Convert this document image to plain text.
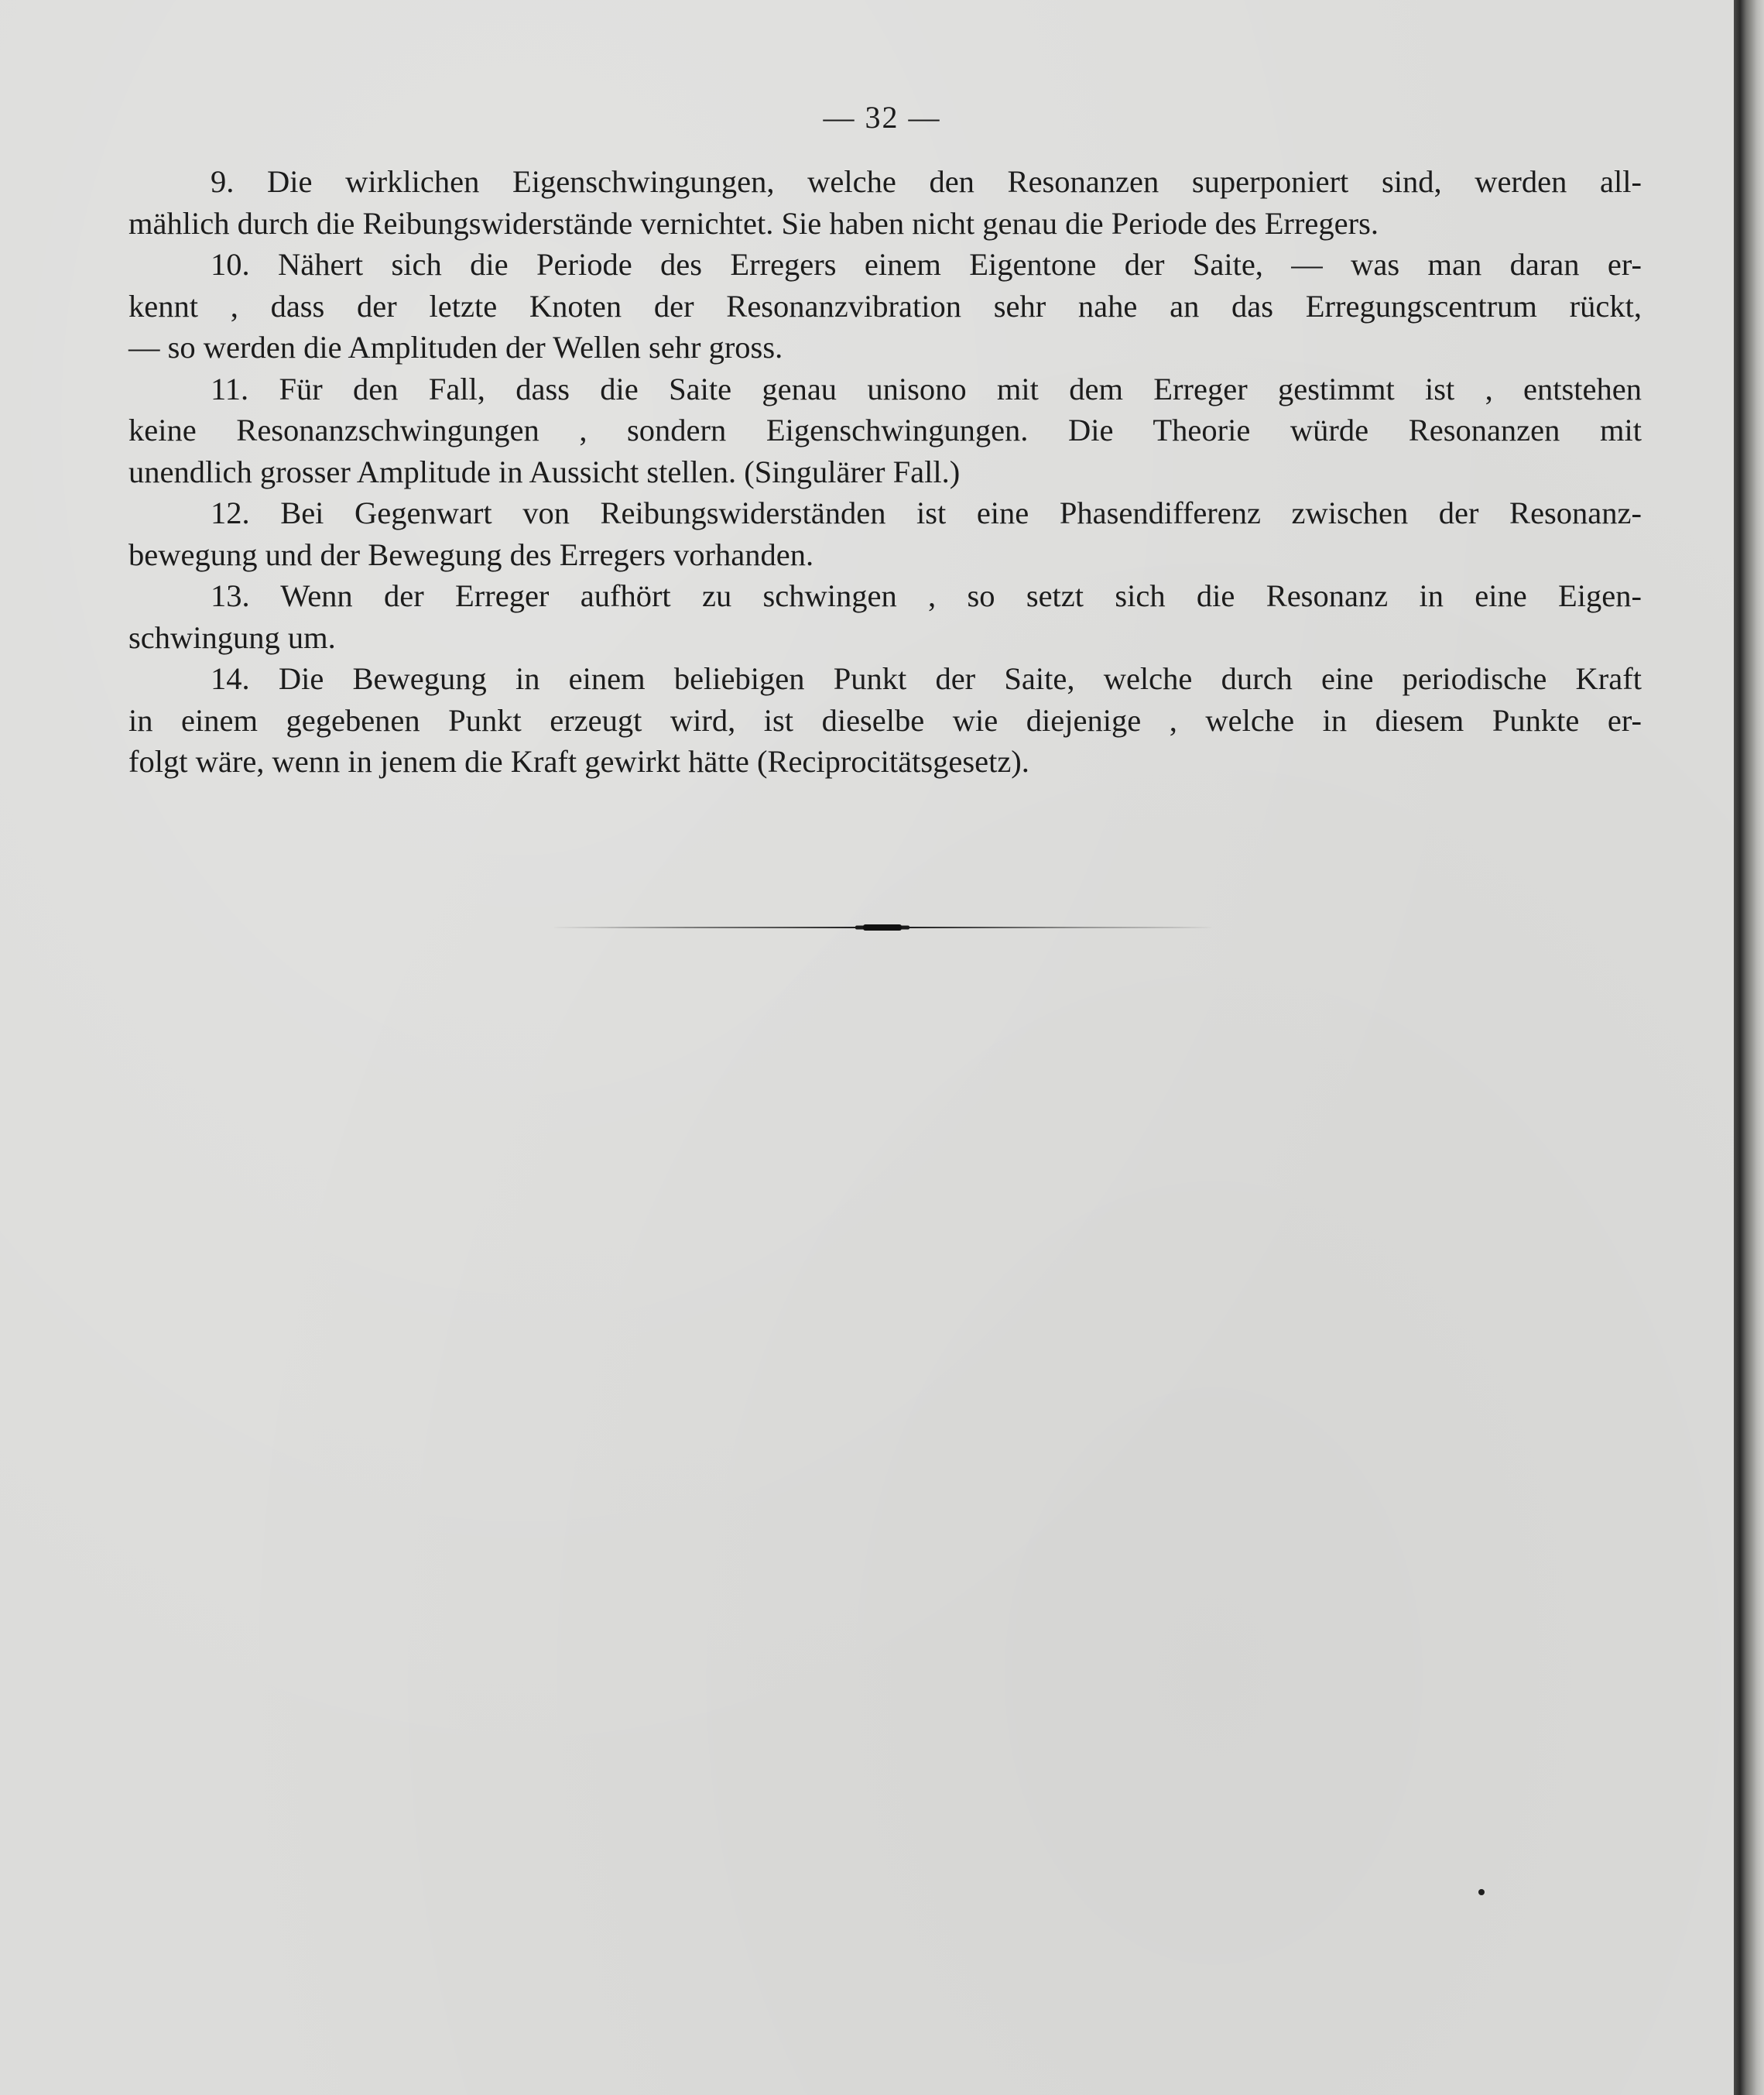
— 32 —
9. Die wirklichen Eigenschwingungen, welche den Resonanzen superponiert sind, werden all-
mählich durch die Reibungswiderstände vernichtet. Sie haben nicht genau die Periode des Erregers.
10. Nähert sich die Periode des Erregers einem Eigentone der Saite, — was man daran er-
kennt , dass der letzte Knoten der Resonanzvibration sehr nahe an das Erregungscentrum rückt,
— so werden die Amplituden der Wellen sehr gross.
11. Für den Fall, dass die Saite genau unisono mit dem Erreger gestimmt ist , entstehen
keine Resonanzschwingungen , sondern Eigenschwingungen. Die Theorie würde Resonanzen mit
unendlich grosser Amplitude in Aussicht stellen. (Singulärer Fall.)
12. Bei Gegenwart von Reibungswiderständen ist eine Phasendifferenz zwischen der Resonanz-
bewegung und der Bewegung des Erregers vorhanden.
13. Wenn der Erreger aufhört zu schwingen , so setzt sich die Resonanz in eine Eigen-
schwingung um.
14. Die Bewegung in einem beliebigen Punkt der Saite, welche durch eine periodische Kraft
in einem gegebenen Punkt erzeugt wird, ist dieselbe wie diejenige , welche in diesem Punkte er-
folgt wäre, wenn in jenem die Kraft gewirkt hätte (Reciprocitätsgesetz).
